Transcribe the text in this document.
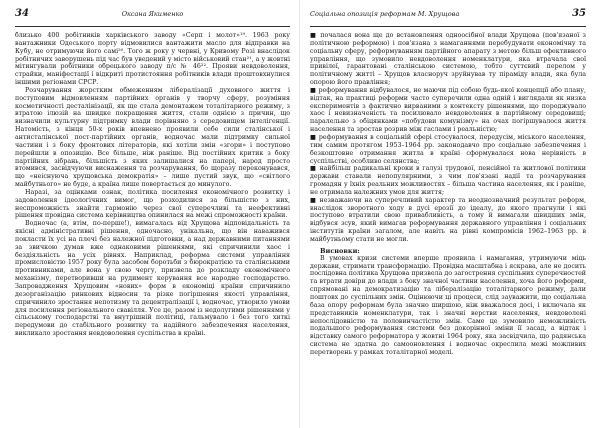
34	Оксана Якименко

близько 400 робітників харківського заводу «Серп і молот»¹⁹. 1963 року вантажники Одеського порту відмовилися вантажити масло для відправки на Кубу, не отримуючи його самі²⁰. Того ж року у червні, у Кривому Розі внаслідок робітничих заворушень під час був уведений у місто військовий стан²¹, а у жовтні мітингували робітники обрецького заводу п/с № 46²². Прояви невдоволення, страйки, маніфестації і відкриті протистояння робітників влади проштовхнулися іншими регіонами СРСР.

Розчарування жорстким обмеженням лібералізації духовного життя і поступовим відмовленням партійних органів у творчу сферу, розуміння косметичності десталінізації, як ще стала демонтажем тоталітарного режиму, з втратою ілюзій на швидке покращення життя, стали однією з причин, що визначили культурну підтримку влади порівняно з середовищем інтелігенції. Натомість, з кінця 50-х років впевнено проявили себе сили сталінської і антисталінської пост-партійних органів, водночас мали підтримку сильної частини і з боку фронтових літераторів, які хотіли змін «згори» і поступово перейшли в опозицію. Все більше, ніж раніше. Від постійних критик з боку партійних зібрань, більшість з яких залишалися на папері, народ просто втомився, засвідчуючи виснаження та розчарування, бо щоразу переконувався, що «неіснуюча хрущовська демократія» – лише пустий звук, що «світлого майбутнього» не буде, а країна лише повертається до минулого.

Наразі, за оцінками ознак, політика посилення економічного розвитку і задоволення ідеологічних вимог, що розходилися за більшістю з них, неспроможність знайти гармонію через свої суперечливі та неефективні рішення провідна система керівництва опинилася на межі спроможності країни.

Водночас (а, втім, по-перше!), вимагалась від Хрущова відповідальність та якісні адміністративні рішення, одночасно, унікальна, що він наважився покласти їх усі на плечі без належної підготовки, а над державними питаннями за звичкою думав вже однаковими рішеннями, які спричинили хаос і бездіяльність на усіх рівнях. Наприклад, реформа системи управління промисловістю 1957 року була засобом боротьби з бюрократією та сталінськими противниками, але вона у свою чергу, призвела до розкладу економічного механізму, перетворивши на рудимент керування все народне господарство. Запровадження Хрущовим «нових» форм в економіці країни спричинило дезорганізацію ринкових відносин та різке погіршення якості управління, спричинило зростання непотизму та децентралізації і, водночас, утворило умови для посилення регіонального свавілля. Усе це, разом із недолугими рішеннями у сільському господарстві та внутрішній політиці, гальмувало і без того хиткі передумови до стабільного розвитку та надійного забезпечення населення, викликало зростання невдоволення суспільства в країні.

Соціальна опозиція реформам М. Хрущова	35

■ почалася вона ще до встановлення одноосібної влади Хрущова (пов'язаної з політичною реформою) і пов'язана з намаганнями перебудувати економічну та соціальну сферу, реформуванням партійного апарату з метою більш ефективного управління, що зумовило невдоволення номенклатури, яка втрачала свої привілеї, гарантовані сталінською системою, тобто суттєвий перелом у політичному житті – Хрущов власноруч зруйнував ту піраміду влади, яка була опорою його правління;

■ реформування відбувалося, не маючи під собою будь-якої концепції або плану, відтак, на практиці реформи часто суперечили одна одній і виглядали як низка експериментів з фактично вирваними з контексту рішеннями, що породжувало хаос і невизначеність та посилювало невдоволення в партійному середовищі; паралельно з обіцянками «побудови комунізму» на очах погіршувалося життя населення та зростав розрив між гаслами і реальністю;

■ реформування в соціальній сфері стосувалося, передусім, міського населення, тим самим протягом 1953–1964 рр. законодавчо про соціальне забезпечення і безкоштовне отримання житла в країні сформувалася нова нерівність в суспільстві, особливо селянства;

■ найбільш радикальні кроки в галузі трудової, пенсійної та житлової політики держави ставали непопулярними, з чим пов'язані надії та розчарування громадян у їхніх реальних можливостях – більша частина населення, як і раніше, не отримала належних умов для життя;

■ незважаючи на суперечливий характер та неоднозначний результат реформ, внаслідок зворотного ходу в дусі ерозії до ідеалу, до якого прагнули і які поступово втратили свою привабливість, а тому й вимагали швидших змін, відбувся зсув, який вимагав реформування державного управління і соціальних інститутів країни загалом, але навіть на рівні компромісів 1962–1963 рр. в майбутньому стати не могли.

Висновки:

В умовах кризи системи вперше проявила і намагання, утримуючи міць держави, стримати трансформацію. Провідна масштабна і яскрава, але не досить послідовна політика Хрущова призвела до загострення суспільних суперечностей та втрати довіри до влади з боку значної частини населення, хоча його реформи, спрямовані на демократизацію та лібералізацію тоталітарного режиму, дали поштовх до суспільних змін. Оцінюючи ці процеси, слід зауважити, що соціальна база опору реформам була значно ширшою, ніж вважалося досі, і включала як представників номенклатури, так і значні верстви населення, невдоволені непослідовністю та половинчастістю змін. Саме це зумовило неможливість подальшого реформування системи без докорінної зміни її засад, а відтак і відставку самого реформатора у жовтні 1964 року, яка засвідчила, що радянська система не здатна до самооновлення і водночас окреслила межі можливих перетворень у рамках тоталітарної моделі.
